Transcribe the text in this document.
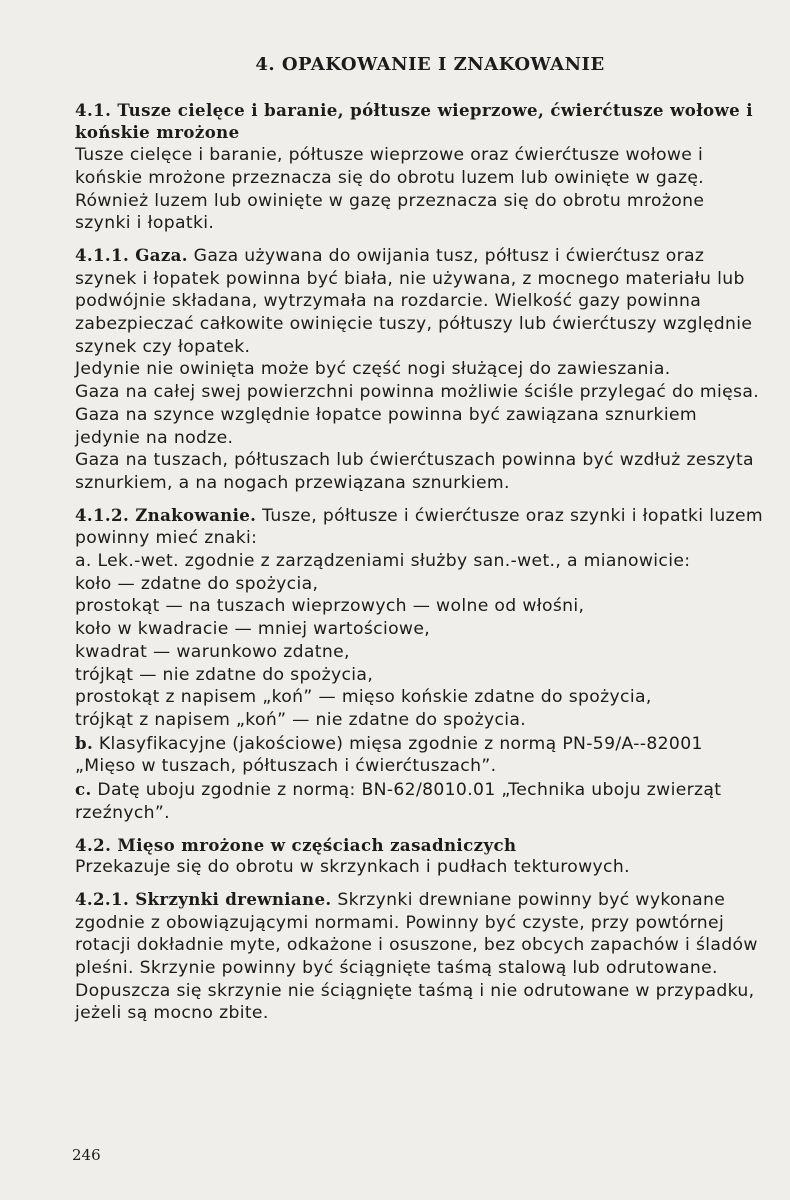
4. OPAKOWANIE I ZNAKOWANIE
4.1. Tusze cielęce i baranie, półtusze wieprzowe, ćwierćtusze wołowe i końskie mrożone

Tusze cielęce i baranie, półtusze wieprzowe oraz ćwierćtusze wołowe i końskie mrożone przeznacza się do obrotu luzem lub owinięte w gazę.

Również luzem lub owinięte w gazę przeznacza się do obrotu mrożone szynki i łopatki.

4.1.1. Gaza. Gaza używana do owijania tusz, półtusz i ćwierćtusz oraz szynek i łopatek powinna być biała, nie używana, z mocnego materiału lub podwójnie składana, wytrzymała na rozdarcie. Wielkość gazy powinna zabezpieczać całkowite owinięcie tuszy, półtuszy lub ćwierćtuszy względnie szynek czy łopatek.

Jedynie nie owinięta może być część nogi służącej do zawieszania.

Gaza na całej swej powierzchni powinna możliwie ściśle przylegać do mięsa.

Gaza na szynce względnie łopatce powinna być zawiązana sznurkiem jedynie na nodze.

Gaza na tuszach, półtuszach lub ćwierćtuszach powinna być wzdłuż zeszyta sznurkiem, a na nogach przewiązana sznurkiem.

4.1.2. Znakowanie. Tusze, półtusze i ćwierćtusze oraz szynki i łopatki luzem powinny mieć znaki:

a. Lek.-wet. zgodnie z zarządzeniami służby san.-wet., a mianowicie:

koło — zdatne do spożycia,

prostokąt — na tuszach wieprzowych — wolne od włośni,

koło w kwadracie — mniej wartościowe,

kwadrat — warunkowo zdatne,

trójkąt — nie zdatne do spożycia,

prostokąt z napisem „koń” — mięso końskie zdatne do spożycia,

trójkąt z napisem „koń” — nie zdatne do spożycia.

b. Klasyfikacyjne (jakościowe) mięsa zgodnie z normą PN-59/A--82001 „Mięso w tuszach, półtuszach i ćwierćtuszach”.

c. Datę uboju zgodnie z normą: BN-62/8010.01 „Technika uboju zwierząt rzeźnych”.

4.2. Mięso mrożone w częściach zasadniczych

Przekazuje się do obrotu w skrzynkach i pudłach tekturowych.

4.2.1. Skrzynki drewniane. Skrzynki drewniane powinny być wykonane zgodnie z obowiązującymi normami. Powinny być czyste, przy powtórnej rotacji dokładnie myte, odkażone i osuszone, bez obcych zapachów i śladów pleśni. Skrzynie powinny być ściągnięte taśmą stalową lub odrutowane. Dopuszcza się skrzynie nie ściągnięte taśmą i nie odrutowane w przypadku, jeżeli są mocno zbite.

246
